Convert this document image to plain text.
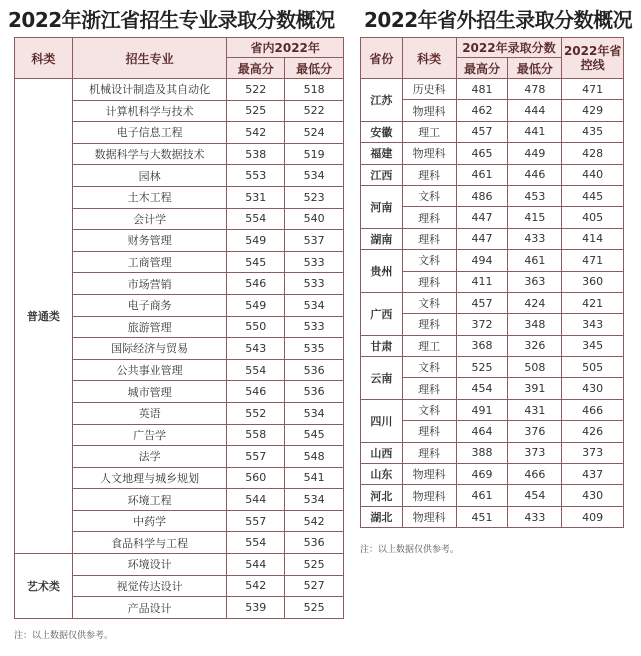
2022年浙江省招生专业录取分数概况 2022年省外招生录取分数概况
科类	招生专业	省内2022年	
		最高分	最低分
普通类	机械设计制造及其自动化	522	518
	计算机科学与技术	525	522
	电子信息工程	542	524
	数据科学与大数据技术	538	519
	园林	553	534
	土木工程	531	523
	会计学	554	540
	财务管理	549	537
	工商管理	545	533
	市场营销	546	533
	电子商务	549	534
	旅游管理	550	533
	国际经济与贸易	543	535
	公共事业管理	554	536
	城市管理	546	536
	英语	552	534
	广告学	558	545
	法学	557	548
	人文地理与城乡规划	560	541
	环境工程	544	534
	中药学	557	542
	食品科学与工程	554	536
艺术类	环境设计	544	525
	视觉传达设计	542	527
	产品设计	539	525
注：以上数据仅供参考。
省份	科类	2022年录取分数		2022年省控线
		最高分	最低分	
江苏	历史科	481	478	471
	物理科	462	444	429
安徽	理工	457	441	435
福建	物理科	465	449	428
江西	理科	461	446	440
河南	文科	486	453	445
	理科	447	415	405
湖南	理科	447	433	414
贵州	文科	494	461	471
	理科	411	363	360
广西	文科	457	424	421
	理科	372	348	343
甘肃	理工	368	326	345
云南	文科	525	508	505
	理科	454	391	430
四川	文科	491	431	466
	理科	464	376	426
山西	理科	388	373	373
山东	物理科	469	466	437
河北	物理科	461	454	430
湖北	物理科	451	433	409
注：以上数据仅供参考。
